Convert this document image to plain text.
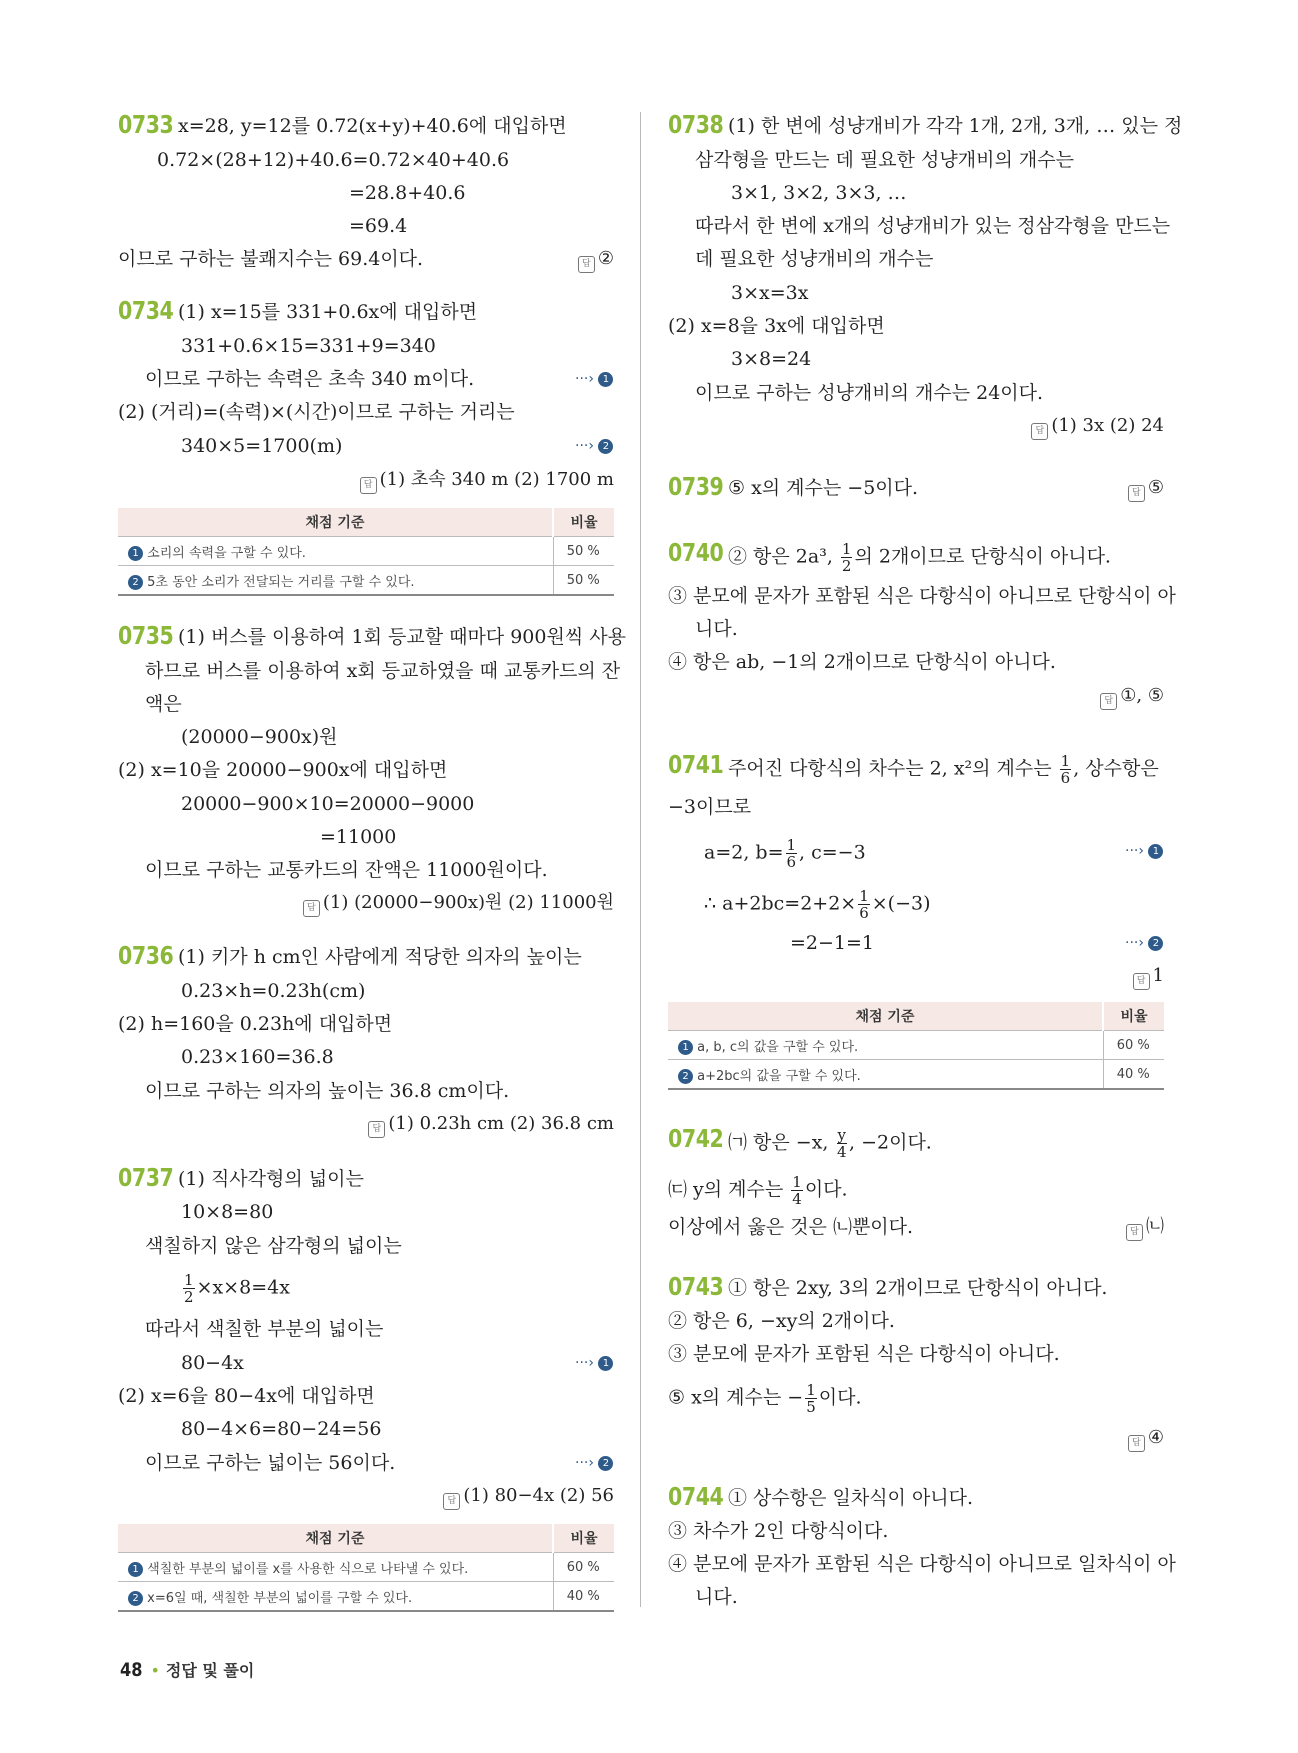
0733 x=28, y=12를 0.72(x+y)+40.6에 대입하면
0.72×(28+12)+40.6=0.72×40+40.6
=28.8+40.6
=69.4
이므로 구하는 불쾌지수는 69.4이다.	답 ②
0734 (1) x=15를 331+0.6x에 대입하면
331+0.6×15=331+9=340
이므로 구하는 속력은 초속 340 m이다.	···› 1
(2) (거리)=(속력)×(시간)이므로 구하는 거리는
340×5=1700(m)	···› 2
답 (1) 초속 340 m (2) 1700 m
채점 기준	비율
1 소리의 속력을 구할 수 있다.	50 %
2 5초 동안 소리가 전달되는 거리를 구할 수 있다.	50 %
0735 (1) 버스를 이용하여 1회 등교할 때마다 900원씩 사용
하므로 버스를 이용하여 x회 등교하였을 때 교통카드의 잔
액은
(20000−900x)원
(2) x=10을 20000−900x에 대입하면
20000−900×10=20000−9000
=11000
이므로 구하는 교통카드의 잔액은 11000원이다.
답 (1) (20000−900x)원 (2) 11000원
0736 (1) 키가 h cm인 사람에게 적당한 의자의 높이는
0.23×h=0.23h(cm)
(2) h=160을 0.23h에 대입하면
0.23×160=36.8
이므로 구하는 의자의 높이는 36.8 cm이다.
답 (1) 0.23h cm (2) 36.8 cm
0737 (1) 직사각형의 넓이는
10×8=80
색칠하지 않은 삼각형의 넓이는
$\frac{1}{2} \times x\times 8=4x$
따라서 색칠한 부분의 넓이는
80−4x	···› 1
(2) x=6을 80−4x에 대입하면
80−4×6=80−24=56
이므로 구하는 넓이는 56이다.	···› 2
답 (1) 80−4x (2) 56
채점 기준	비율
1 색칠한 부분의 넓이를 x를 사용한 식으로 나타낼 수 있다.	60 %
2 x=6일 때, 색칠한 부분의 넓이를 구할 수 있다.	40 %
0738 (1) 한 변에 성냥개비가 각각 1개, 2개, 3개, … 있는 정
삼각형을 만드는 데 필요한 성냥개비의 개수는
3×1, 3×2, 3×3, …
따라서 한 변에 x개의 성냥개비가 있는 정삼각형을 만드는
데 필요한 성냥개비의 개수는
3×x=3x
(2) x=8을 3x에 대입하면
3×8=24
이므로 구하는 성냥개비의 개수는 24이다.
답 (1) 3x (2) 24
0739 ⑤ x의 계수는 −5이다.	답 ⑤
0740 ② 항은 2a³, $\frac{1}{2}$ 의 2개이므로 단항식이 아니다.
③ 분모에 문자가 포함된 식은 다항식이 아니므로 단항식이 아
니다.
④ 항은 ab, −1의 2개이므로 단항식이 아니다.
답 ①, ⑤
0741 주어진 다항식의 차수는 2, x²의 계수는 $\frac{1}{6}$ , 상수항은
−3이므로
a=2, $b= \frac{1}{6}$ , c=−3	···› 1
∴ $a+2bc=2+2\times \frac{1}{6} \times(-3)$
=2−1=1	···› 2
답 1
채점 기준	비율
1 a, b, c의 값을 구할 수 있다.	60 %
2 a+2bc의 값을 구할 수 있다.	40 %
0742 ㈀ 항은 −x, $\frac{y}{4}$ , −2이다.
㈂ y의 계수는 $\frac{1}{4}$ 이다.
이상에서 옳은 것은 ㈁뿐이다.	답 ㈁
0743 ① 항은 2xy, 3의 2개이므로 단항식이 아니다.
② 항은 6, −xy의 2개이다.
③ 분모에 문자가 포함된 식은 다항식이 아니다.
⑤ x의 계수는 − $\frac{1}{5}$ 이다.
답 ④
0744 ① 상수항은 일차식이 아니다.
③ 차수가 2인 다항식이다.
④ 분모에 문자가 포함된 식은 다항식이 아니므로 일차식이 아
니다.
48 • 정답 및 풀이
